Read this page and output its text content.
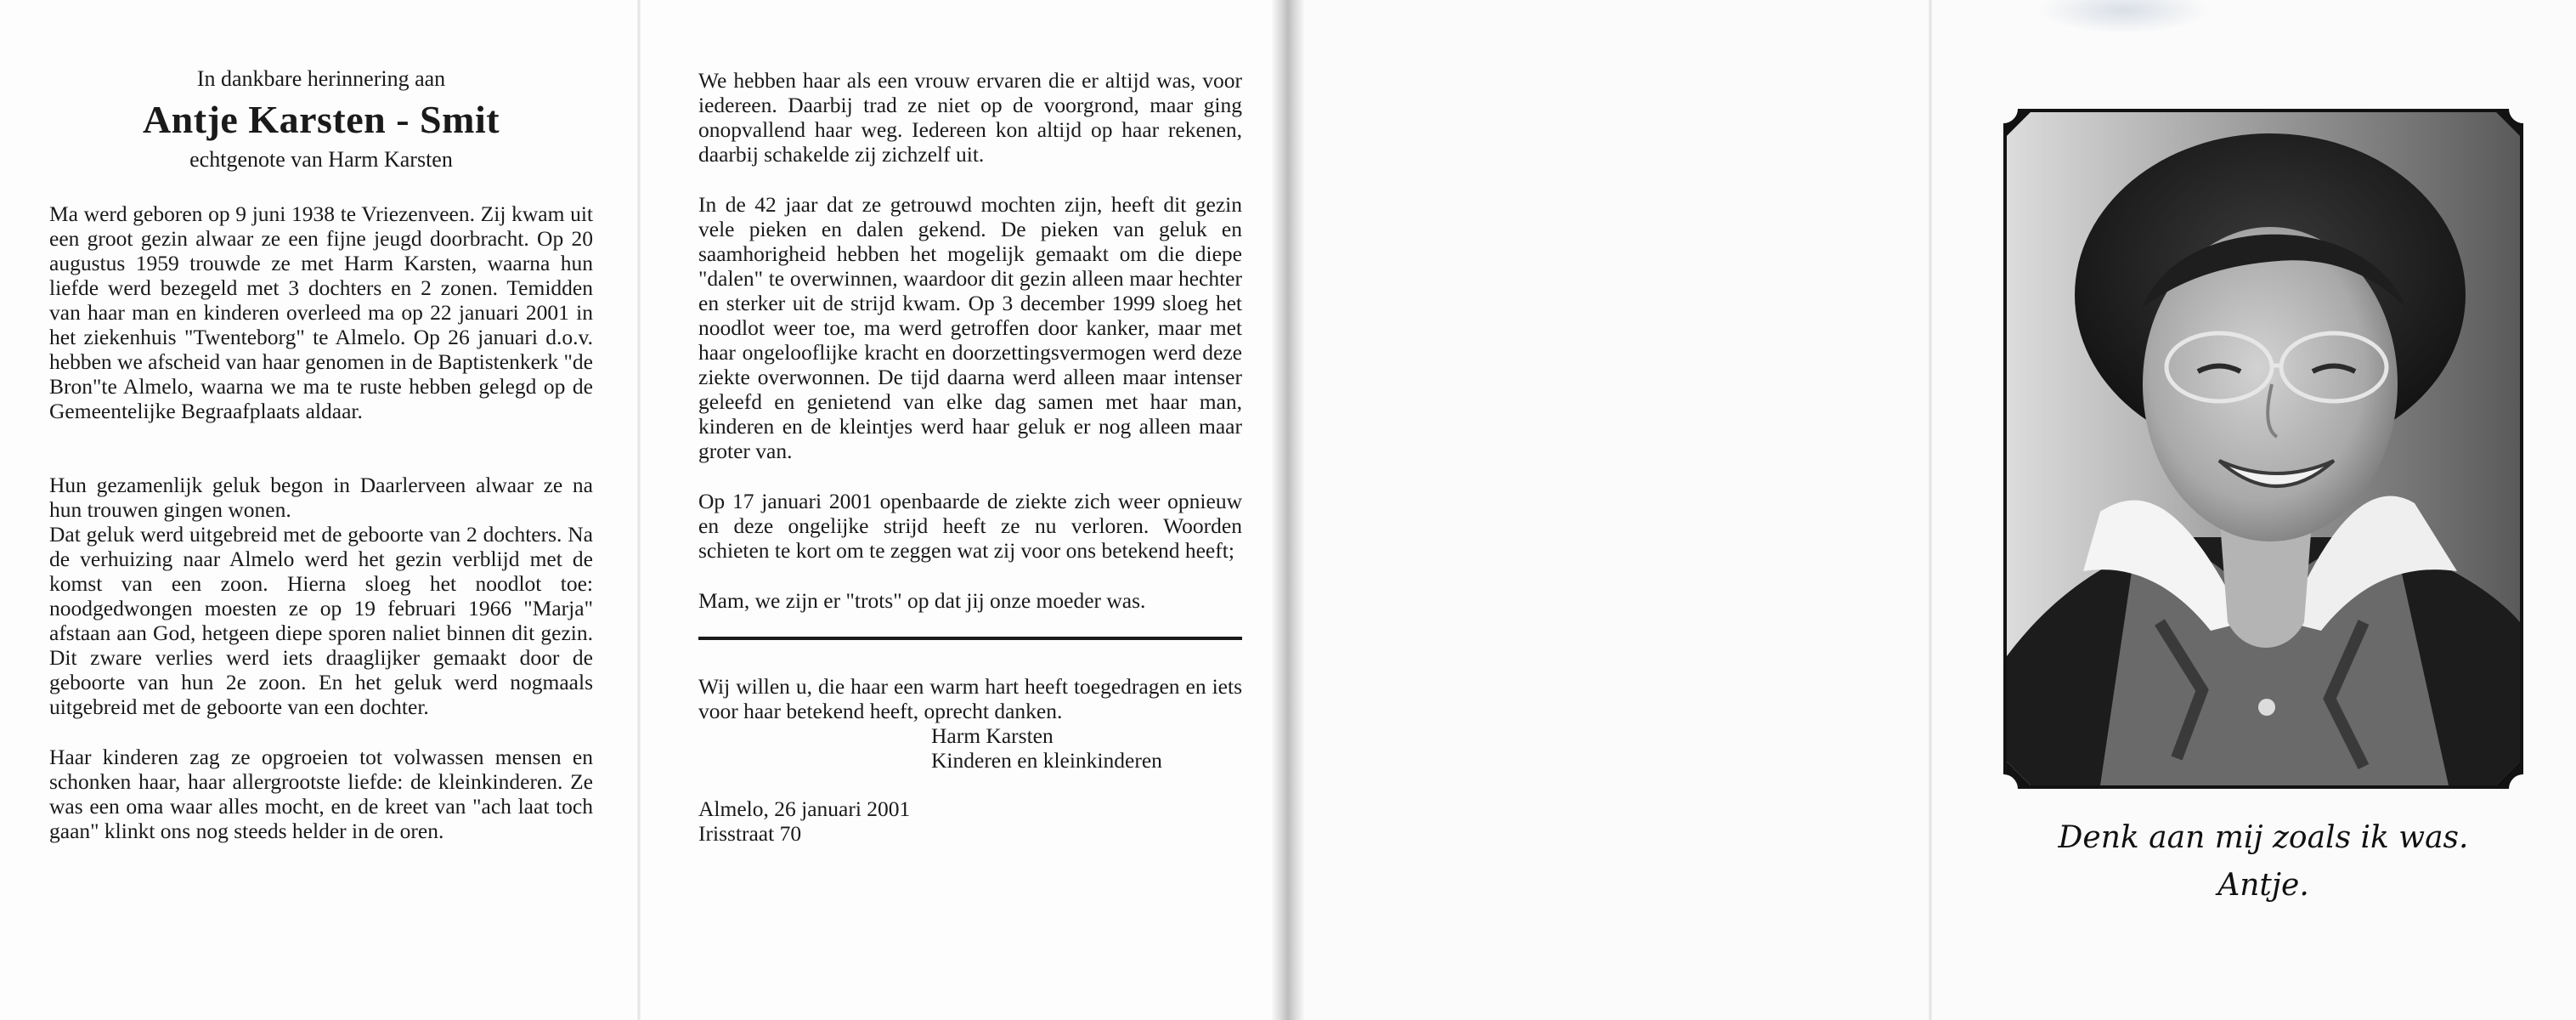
In dankbare herinnering aan

Antje Karsten - Smit

echtgenote van Harm Karsten

Ma werd geboren op 9 juni 1938 te Vriezenveen. Zij kwam uit een groot gezin alwaar ze een fijne jeugd doorbracht. Op 20 augustus 1959 trouwde ze met Harm Karsten, waarna hun liefde werd bezegeld met 3 dochters en 2 zonen. Temidden van haar man en kinderen overleed ma op 22 januari 2001 in het ziekenhuis "Twenteborg" te Almelo. Op 26 januari d.o.v. hebben we afscheid van haar genomen in de Baptistenkerk "de Bron"te Almelo, waarna we ma te ruste hebben gelegd op de Gemeentelijke Begraafplaats aldaar.

Hun gezamenlijk geluk begon in Daarlerveen alwaar ze na hun trouwen gingen wonen.

Dat geluk werd uitgebreid met de geboorte van 2 dochters. Na de verhuizing naar Almelo werd het gezin verblijd met de komst van een zoon. Hierna sloeg het noodlot toe: noodgedwongen moesten ze op 19 februari 1966 "Marja" afstaan aan God, hetgeen diepe sporen naliet binnen dit gezin. Dit zware verlies werd iets draaglijker gemaakt door de geboorte van hun 2e zoon. En het geluk werd nogmaals uitgebreid met de geboorte van een dochter.

Haar kinderen zag ze opgroeien tot volwassen mensen en schonken haar, haar allergrootste liefde: de kleinkinderen. Ze was een oma waar alles mocht, en de kreet van "ach laat toch gaan" klinkt ons nog steeds helder in de oren.

We hebben haar als een vrouw ervaren die er altijd was, voor iedereen. Daarbij trad ze niet op de voorgrond, maar ging onopvallend haar weg. Iedereen kon altijd op haar rekenen, daarbij schakelde zij zichzelf uit.

In de 42 jaar dat ze getrouwd mochten zijn, heeft dit gezin vele pieken en dalen gekend. De pieken van geluk en saamhorigheid hebben het mogelijk gemaakt om die diepe "dalen" te overwinnen, waardoor dit gezin alleen maar hechter en sterker uit de strijd kwam. Op 3 december 1999 sloeg het noodlot weer toe, ma werd getroffen door kanker, maar met haar ongelooflijke kracht en doorzettingsvermogen werd deze ziekte overwonnen. De tijd daarna werd alleen maar intenser geleefd en genietend van elke dag samen met haar man, kinderen en de kleintjes werd haar geluk er nog alleen maar groter van.

Op 17 januari 2001 openbaarde de ziekte zich weer opnieuw en deze ongelijke strijd heeft ze nu verloren. Woorden schieten te kort om te zeggen wat zij voor ons betekend heeft;

Mam, we zijn er "trots" op dat jij onze moeder was.

Wij willen u, die haar een warm hart heeft toegedragen en iets voor haar betekend heeft, oprecht danken.

Harm Karsten
Kinderen en kleinkinderen
Almelo, 26 januari 2001
Irisstraat 70	Denk aan mij zoals ik was.
Antje.
